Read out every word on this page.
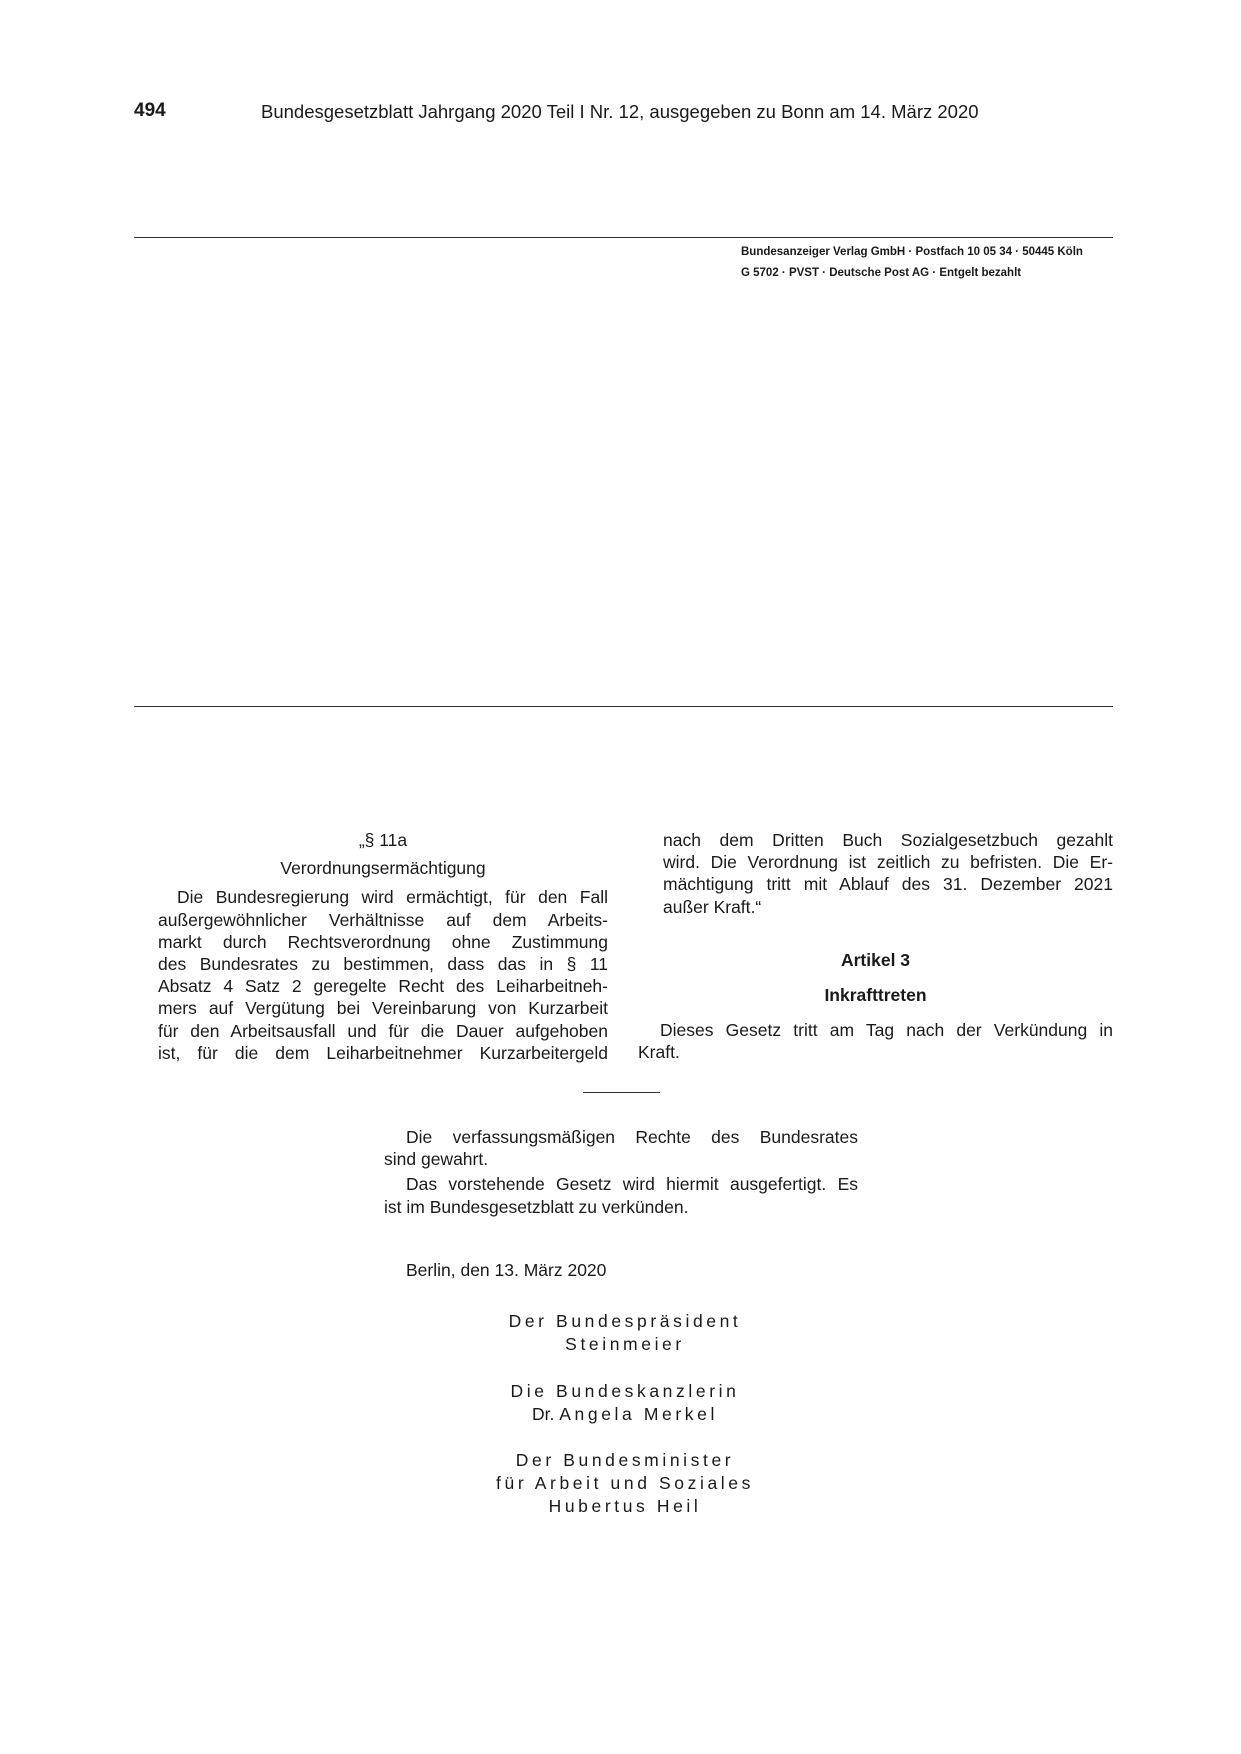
494	Bundesgesetzblatt Jahrgang 2020 Teil I Nr. 12, ausgegeben zu Bonn am 14. März 2020
Bundesanzeiger Verlag GmbH · Postfach 10 05 34 · 50445 Köln
G 5702 · PVST · Deutsche Post AG · Entgelt bezahlt

„§ 11a

Verordnungsermächtigung

Die Bundesregierung wird ermächtigt, für den Fall
außergewöhnlicher Verhältnisse auf dem Arbeits-
markt durch Rechtsverordnung ohne Zustimmung
des Bundesrates zu bestimmen, dass das in § 11
Absatz 4 Satz 2 geregelte Recht des Leiharbeitneh-
mers auf Vergütung bei Vereinbarung von Kurzarbeit
für den Arbeitsausfall und für die Dauer aufgehoben
ist, für die dem Leiharbeitnehmer Kurzarbeitergeld
nach dem Dritten Buch Sozialgesetzbuch gezahlt
wird. Die Verordnung ist zeitlich zu befristen. Die Er-
mächtigung tritt mit Ablauf des 31. Dezember 2021
außer Kraft.“

Artikel 3

Inkrafttreten

Dieses Gesetz tritt am Tag nach der Verkündung in
Kraft.
Die verfassungsmäßigen Rechte des Bundesrates
sind gewahrt.
Das vorstehende Gesetz wird hiermit ausgefertigt. Es
ist im Bundesgesetzblatt zu verkünden.
Berlin, den 13. März 2020
Der Bundespräsident
Steinmeier
Die Bundeskanzlerin
Dr. Angela Merkel
Der Bundesminister
für Arbeit und Soziales
Hubertus Heil
